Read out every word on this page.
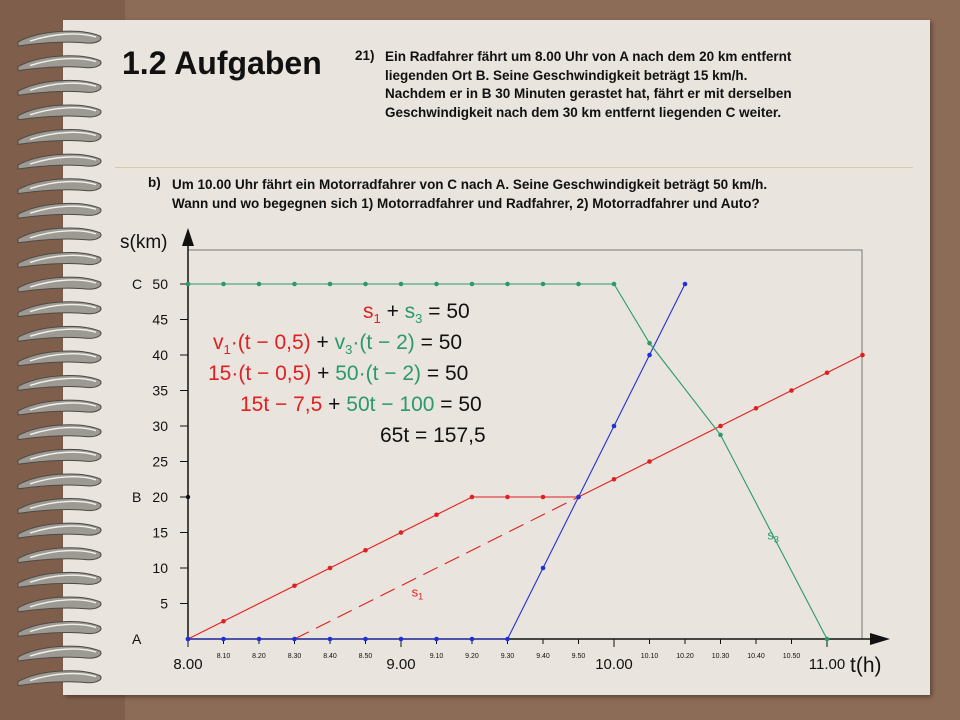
1.2 Aufgaben 21) Ein Radfahrer fährt um 8.00 Uhr von A nach dem 20 km entfernt
liegenden Ort B. Seine Geschwindigkeit beträgt 15 km/h.
Nachdem er in B 30 Minuten gerastet hat, fährt er mit derselben
Geschwindigkeit nach dem 30 km entfernt liegenden C weiter.
b) Um 10.00 Uhr fährt ein Motorradfahrer von C nach A. Seine Geschwindigkeit beträgt 50 km/h.
Wann und wo begegnen sich 1) Motorradfahrer und Radfahrer, 2) Motorradfahrer und Auto?
s(km)
t(h)
5
10
15
20
25
30
35
40
45
50
A
B
C
8.00	9.00	10.00	11.00
8.10	8.20	8.30	8.40	8.50	9.10	9.20	9.30	9.40	9.50	10.10	10.20	10.30	10.40	10.50
$s_1$
$s_3$
$s_1 + s_3 = 50$
$v_1\cdot(t - 0,5) + v_3\cdot(t - 2) = 50$
15·(t − 0,5) + 50·(t − 2) = 50
15t − 7,5 + 50t − 100 = 50
65t = 157,5
